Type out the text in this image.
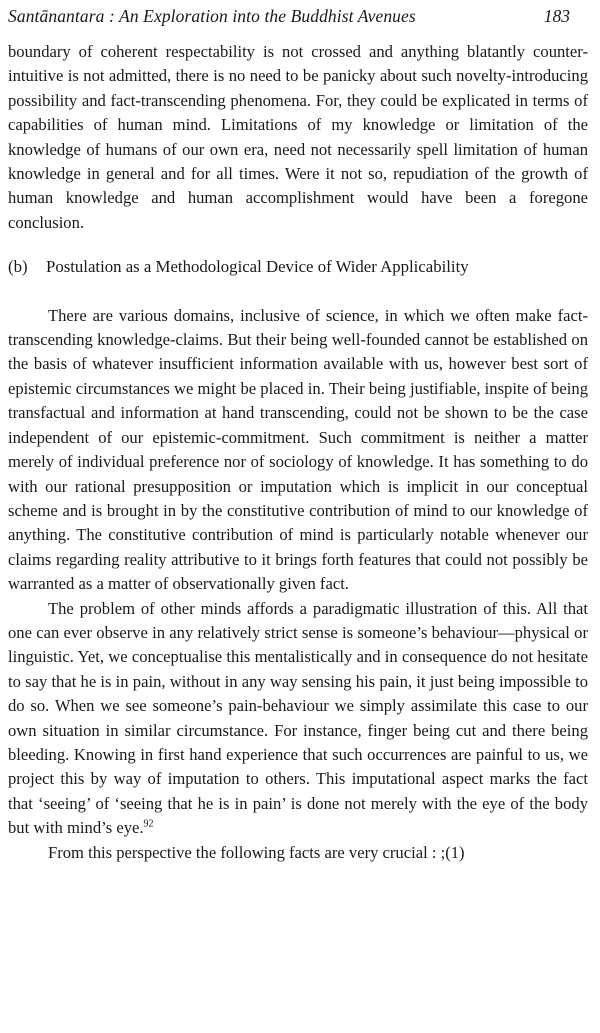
Santānantara : An Exploration into the Buddhist Avenues	183

boundary of coherent respectability is not crossed and anything blatantly counter-intuitive is not admitted, there is no need to be panicky about such novelty-introducing possibility and fact-transcending phenomena. For, they could be explicated in terms of capabilities of human mind. Limitations of my knowledge or limitation of the knowledge of humans of our own era, need not necessarily spell limitation of human knowledge in general and for all times. Were it not so, repudiation of the growth of human knowledge and human accomplishment would have been a foregone conclusion.

(b) Postulation as a Methodological Device of Wider Applicability

There are various domains, inclusive of science, in which we often make fact-transcending knowledge-claims. But their being well-founded cannot be established on the basis of whatever insufficient information available with us, however best sort of epistemic circumstances we might be placed in. Their being justifiable, inspite of being transfactual and information at hand transcending, could not be shown to be the case independent of our epistemic-commitment. Such commitment is neither a matter merely of individual preference nor of sociology of knowledge. It has something to do with our rational presupposition or imputation which is implicit in our conceptual scheme and is brought in by the constitutive contribution of mind to our knowledge of anything. The constitutive contribution of mind is particularly notable whenever our claims regarding reality attributive to it brings forth features that could not possibly be warranted as a matter of observationally given fact.

The problem of other minds affords a paradigmatic illustration of this. All that one can ever observe in any relatively strict sense is someone’s behaviour—physical or linguistic. Yet, we conceptualise this mentalistically and in consequence do not hesitate to say that he is in pain, without in any way sensing his pain, it just being impossible to do so. When we see someone’s pain-behaviour we simply assimilate this case to our own situation in similar circumstance. For instance, finger being cut and there being bleeding. Knowing in first hand experience that such occurrences are painful to us, we project this by way of imputation to others. This imputational aspect marks the fact that ‘seeing’ of ‘seeing that he is in pain’ is done not merely with the eye of the body but with mind’s eye.$^{92}$

From this perspective the following facts are very crucial : ;(1)
